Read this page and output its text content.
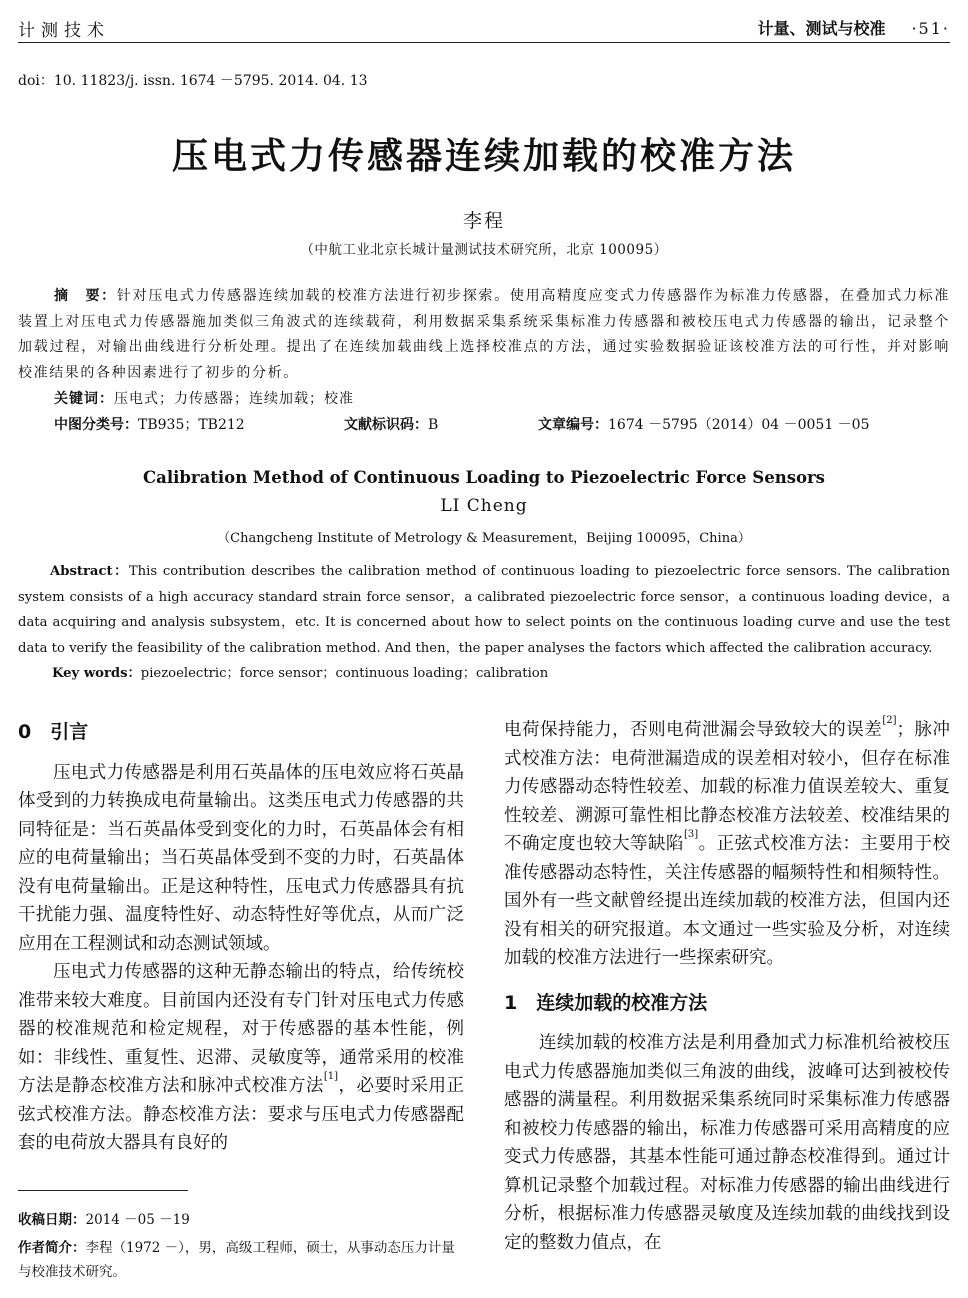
计测技术	计量、测试与校准 ·51·
doi：10. 11823/j. issn. 1674 －5795. 2014. 04. 13
压电式力传感器连续加载的校准方法
李程
（中航工业北京长城计量测试技术研究所，北京 100095）
摘　要：针对压电式力传感器连续加载的校准方法进行初步探索。使用高精度应变式力传感器作为标准力传感器，在叠加式力标准装置上对压电式力传感器施加类似三角波式的连续载荷，利用数据采集系统采集标准力传感器和被校压电式力传感器的输出，记录整个加载过程，对输出曲线进行分析处理。提出了在连续加载曲线上选择校准点的方法，通过实验数据验证该校准方法的可行性，并对影响校准结果的各种因素进行了初步的分析。
关键词：压电式；力传感器；连续加载；校准
中图分类号：TB935；TB212	文献标识码：B	文章编号：1674 －5795（2014）04 －0051 －05
Calibration Method of Continuous Loading to Piezoelectric Force Sensors
LI Cheng
（Changcheng Institute of Metrology & Measurement，Beijing 100095，China）
Abstract：This contribution describes the calibration method of continuous loading to piezoelectric force sensors. The calibration system consists of a high accuracy standard strain force sensor，a calibrated piezoelectric force sensor，a continuous loading device，a data acquiring and analysis subsystem，etc. It is concerned about how to select points on the continuous loading curve and use the test data to verify the feasibility of the calibration method. And then，the paper analyses the factors which affected the calibration accuracy.
Key words：piezoelectric；force sensor；continuous loading；calibration
0　引言

压电式力传感器是利用石英晶体的压电效应将石英晶体受到的力转换成电荷量输出。这类压电式力传感器的共同特征是：当石英晶体受到变化的力时，石英晶体会有相应的电荷量输出；当石英晶体受到不变的力时，石英晶体没有电荷量输出。正是这种特性，压电式力传感器具有抗干扰能力强、温度特性好、动态特性好等优点，从而广泛应用在工程测试和动态测试领域。

压电式力传感器的这种无静态输出的特点，给传统校准带来较大难度。目前国内还没有专门针对压电式力传感器的校准规范和检定规程，对于传感器的基本性能，例如：非线性、重复性、迟滞、灵敏度等，通常采用的校准方法是静态校准方法和脉冲式校准方法[1]，必要时采用正弦式校准方法。静态校准方法：要求与压电式力传感器配套的电荷放大器具有良好的

电荷保持能力，否则电荷泄漏会导致较大的误差[2]；脉冲式校准方法：电荷泄漏造成的误差相对较小，但存在标准力传感器动态特性较差、加载的标准力值误差较大、重复性较差、溯源可靠性相比静态校准方法较差、校准结果的不确定度也较大等缺陷[3]。正弦式校准方法：主要用于校准传感器动态特性，关注传感器的幅频特性和相频特性。国外有一些文献曾经提出连续加载的校准方法，但国内还没有相关的研究报道。本文通过一些实验及分析，对连续加载的校准方法进行一些探索研究。

1　连续加载的校准方法

连续加载的校准方法是利用叠加式力标准机给被校压电式力传感器施加类似三角波的曲线，波峰可达到被校传感器的满量程。利用数据采集系统同时采集标准力传感器和被校力传感器的输出，标准力传感器可采用高精度的应变式力传感器，其基本性能可通过静态校准得到。通过计算机记录整个加载过程。对标准力传感器的输出曲线进行分析，根据标准力传感器灵敏度及连续加载的曲线找到设定的整数力值点，在

收稿日期：2014 －05 －19
作者简介：李程（1972 －），男，高级工程师，硕士，从事动态压力计量与校准技术研究。
